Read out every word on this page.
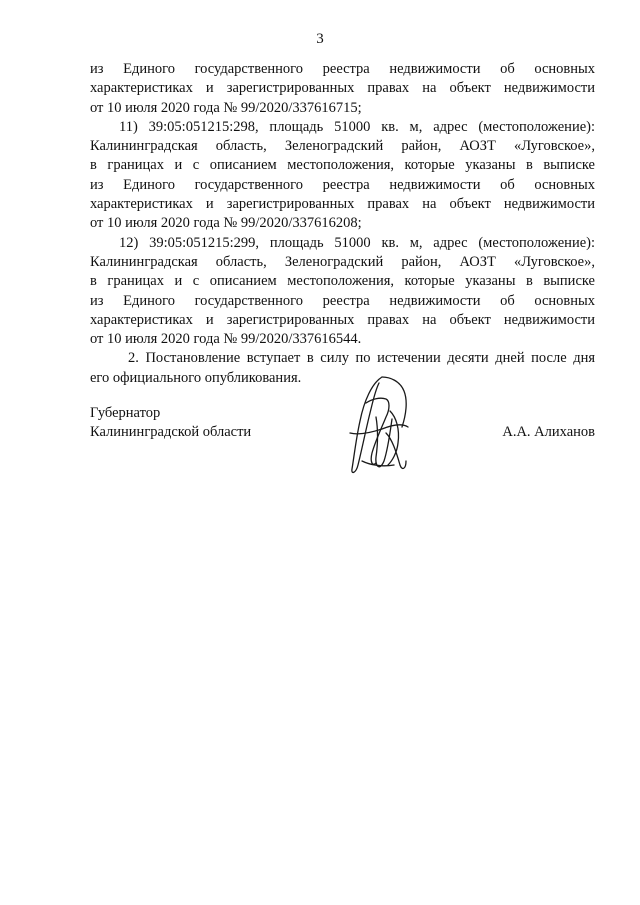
3

из Единого государственного реестра недвижимости об основных
характеристиках и зарегистрированных правах на объект недвижимости
от 10 июля 2020 года № 99/2020/337616715;

11) 39:05:051215:298, площадь 51000 кв. м, адрес (местоположение):
Калининградская область, Зеленоградский район, АОЗТ «Луговское»,
в границах и с описанием местоположения, которые указаны в выписке
из Единого государственного реестра недвижимости об основных
характеристиках и зарегистрированных правах на объект недвижимости
от 10 июля 2020 года № 99/2020/337616208;

12) 39:05:051215:299, площадь 51000 кв. м, адрес (местоположение):
Калининградская область, Зеленоградский район, АОЗТ «Луговское»,
в границах и с описанием местоположения, которые указаны в выписке
из Единого государственного реестра недвижимости об основных
характеристиках и зарегистрированных правах на объект недвижимости
от 10 июля 2020 года № 99/2020/337616544.

2. Постановление вступает в силу по истечении десяти дней после дня
его официального опубликования.

Губернатор
Калининградской области	А.А. Алиханов
